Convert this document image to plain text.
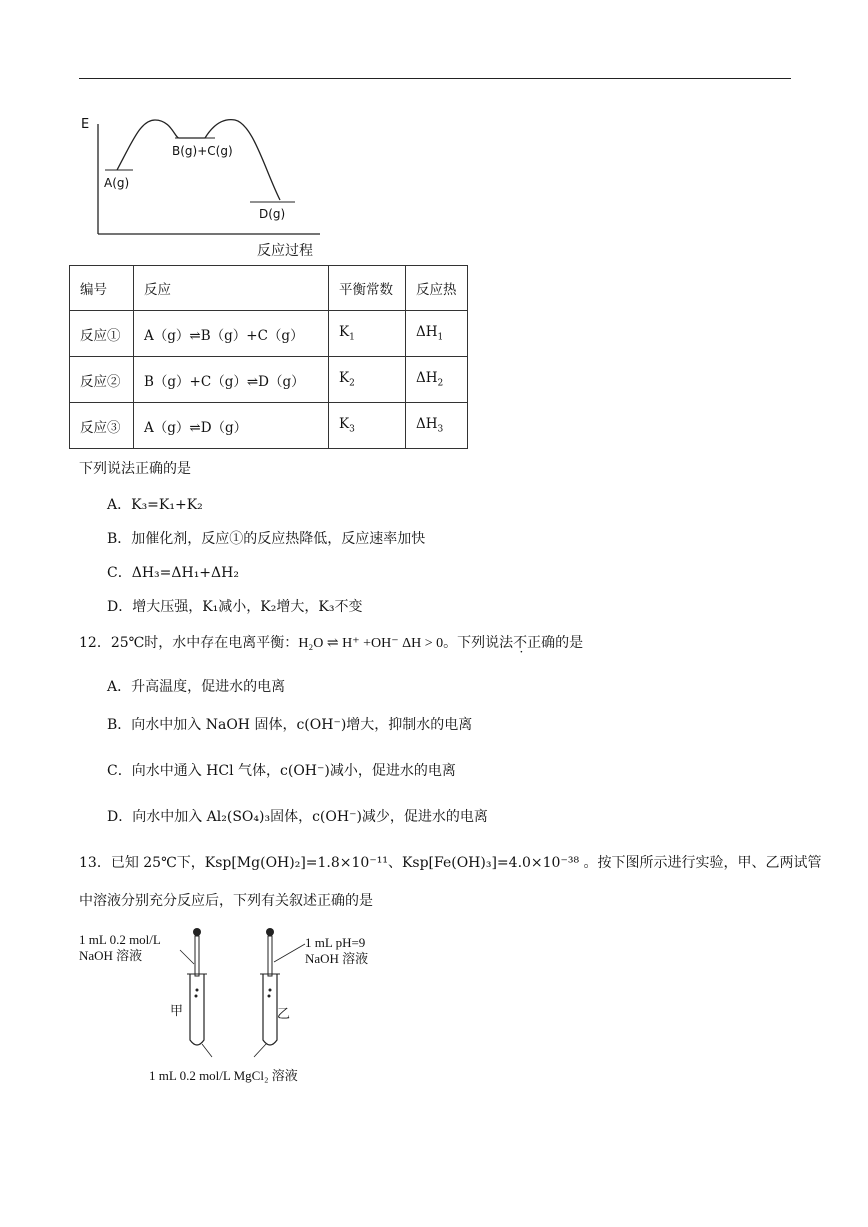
E
A(g)
B(g)+C(g)
D(g)
反应过程
编号	反应	平衡常数	反应热
反应①	A（g）⇌B（g）+C（g）	$K_1$	$\Delta H_1$
反应②	B（g）+C（g）⇌D（g）	$K_2$	$\Delta H_2$
反应③	A（g）⇌D（g）	$K_3$	$\Delta H_3$
下列说法正确的是
A．K₃=K₁+K₂
B．加催化剂，反应①的反应热降低，反应速率加快
C．ΔH₃=ΔH₁+ΔH₂
D．增大压强，K₁减小，K₂增大，K₃不变
12．25℃时，水中存在电离平衡：H₂O ⇌ H⁺ +OH⁻ ΔH > 0。下列说法不正确的是
A．升高温度，促进水的电离
B．向水中加入 NaOH 固体，c(OH⁻)增大，抑制水的电离
C．向水中通入 HCl 气体，c(OH⁻)减小，促进水的电离
D．向水中加入 Al₂(SO₄)₃固体，c(OH⁻)减少，促进水的电离
13．已知 25℃下，Ksp[Mg(OH)₂]=1.8×10⁻¹¹、Ksp[Fe(OH)₃]=4.0×10⁻³⁸ 。按下图所示进行实验，甲、乙两试管
中溶液分别充分反应后，下列有关叙述正确的是
1 mL 0.2 mol/L
NaOH 溶液
1 mL pH=9
NaOH 溶液
甲	乙
1 mL 0.2 mol/L MgCl₂ 溶液
